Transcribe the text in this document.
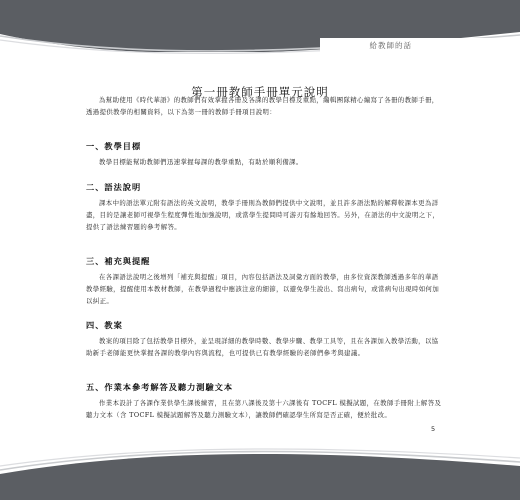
給教師的話
第一冊教師手冊單元說明

為幫助使用《時代華語》的教師們有效掌握各冊及各課的教學目標及重點，編輯團隊精心編寫了各冊的教師手冊，透過提供教學的相關資料，以下為第一冊的教師手冊項目說明：

一、教學目標

教學目標能幫助教師們迅速掌握每課的教學重點，有助於順利備課。

二、語法說明

課本中的語法單元附有語法的英文說明，教學手冊則為教師們提供中文說明，並且許多語法點的解釋較課本更為詳盡，目的是讓老師可視學生程度彈性地加強說明，或當學生提問時可游刃有餘地回答。另外，在語法的中文說明之下，提供了語法練習題的參考解答。

三、補充與提醒

在各課語法說明之後增列「補充與提醒」項目，內容包括語法及詞彙方面的教學，由多位資深教師透過多年的華語教學經驗，提醒使用本教材教師，在教學過程中應該注意的細節，以避免學生說出、寫出病句，或當病句出現時如何加以糾正。

四、教案

教案的項目除了包括教學目標外，並呈現詳細的教學時數、教學步驟、教學工具等，且在各課加入教學活動，以協助新手老師能更快掌握各課的教學內容與流程，也可提供已有教學經驗的老師們參考與建議。

五、作業本參考解答及聽力測驗文本

作業本設計了各課作業供學生課後練習，且在第八課後及第十六課後有 TOCFL 模擬試題，在教師手冊附上解答及聽力文本（含 TOCFL 模擬試題解答及聽力測驗文本），讓教師們確認學生所寫是否正確，便於批改。

5
